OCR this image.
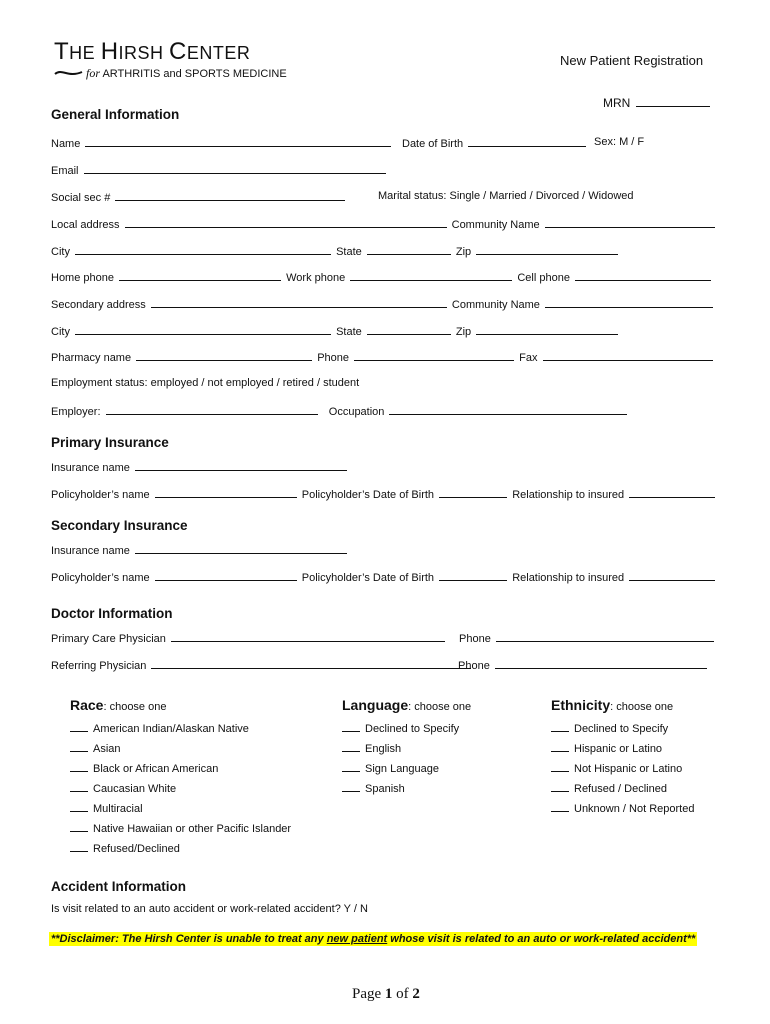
THE HIRSH CENTER
for ARTHRITIS and SPORTS MEDICINE
New Patient Registration
MRN
General Information
Name	Date of Birth	Sex: M / F
Email
Social sec #	Marital status: Single / Married / Divorced / Widowed
Local address	Community Name
City	State	Zip
Home phone	Work phone	Cell phone
Secondary address	Community Name
City	State	Zip
Pharmacy name	Phone	Fax
Employment status: employed / not employed / retired / student
Employer:	Occupation
Primary Insurance
Insurance name
Policyholder’s name	Policyholder’s Date of Birth	Relationship to insured
Secondary Insurance
Insurance name
Policyholder’s name	Policyholder’s Date of Birth	Relationship to insured
Doctor Information
Primary Care Physician	Phone
Referring Physician	Phone
Race: choose one
American Indian/Alaskan Native
Asian
Black or African American
Caucasian White
Multiracial
Native Hawaiian or other Pacific Islander
Refused/Declined
Language: choose one
Declined to Specify
English
Sign Language
Spanish
Ethnicity: choose one
Declined to Specify
Hispanic or Latino
Not Hispanic or Latino
Refused / Declined
Unknown / Not Reported
Accident Information
Is visit related to an auto accident or work-related accident? Y / N
**Disclaimer: The Hirsh Center is unable to treat any new patient whose visit is related to an auto or work-related accident**
Page 1 of 2
